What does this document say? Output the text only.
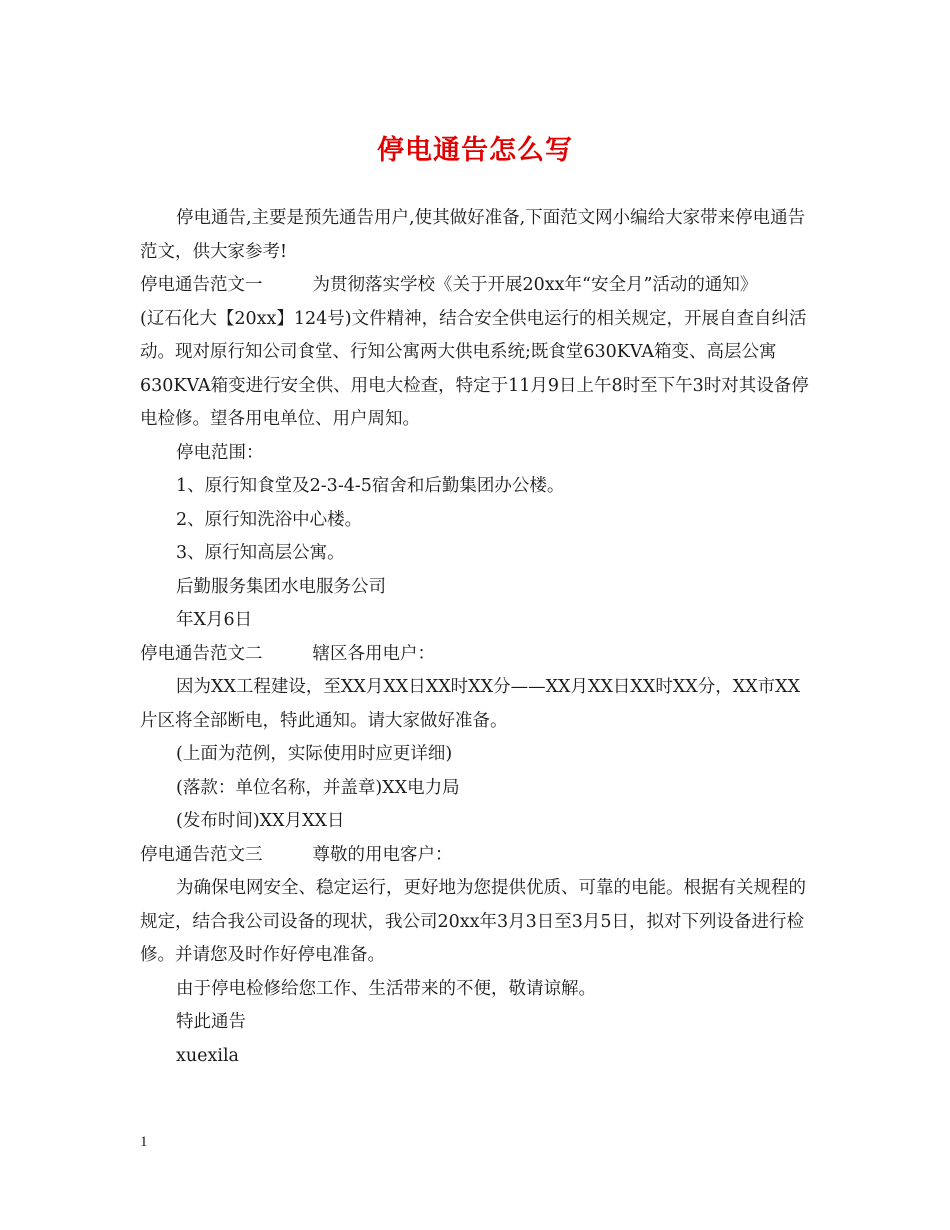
停电通告怎么写

停电通告,主要是预先通告用户,使其做好准备,下面范文网小编给大家带来停电通告范文，供大家参考!

停电通告范文一	为贯彻落实学校《关于开展20xx年“安全月”活动的通知》

(辽石化大【20xx】124号)文件精神，结合安全供电运行的相关规定，开展自查自纠活动。现对原行知公司食堂、行知公寓两大供电系统;既食堂630KVA箱变、高层公寓630KVA箱变进行安全供、用电大检查，特定于11月9日上午8时至下午3时对其设备停电检修。望各用电单位、用户周知。

停电范围：

1、原行知食堂及2-3-4-5宿舍和后勤集团办公楼。

2、原行知洗浴中心楼。

3、原行知高层公寓。

后勤服务集团水电服务公司

年X月6日

停电通告范文二	辖区各用电户：

因为XX工程建设，至XX月XX日XX时XX分——XX月XX日XX时XX分，XX市XX片区将全部断电，特此通知。请大家做好准备。

(上面为范例，实际使用时应更详细)

(落款：单位名称，并盖章)XX电力局

(发布时间)XX月XX日

停电通告范文三	尊敬的用电客户：

为确保电网安全、稳定运行，更好地为您提供优质、可靠的电能。根据有关规程的规定，结合我公司设备的现状，我公司20xx年3月3日至3月5日，拟对下列设备进行检修。并请您及时作好停电准备。

由于停电检修给您工作、生活带来的不便，敬请谅解。

特此通告

xuexila

1
